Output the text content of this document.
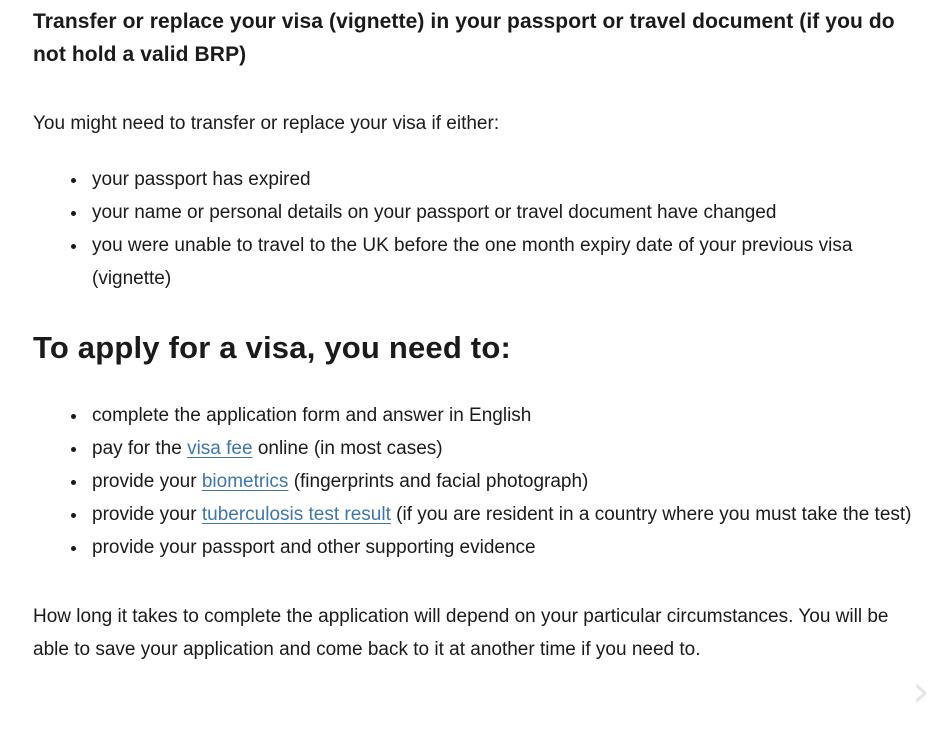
Transfer or replace your visa (vignette) in your passport or travel document (if you do not hold a valid BRP)

You might need to transfer or replace your visa if either:

• your passport has expired
• your name or personal details on your passport or travel document have changed
• you were unable to travel to the UK before the one month expiry date of your previous visa (vignette)
To apply for a visa, you need to:
• complete the application form and answer in English
• pay for the visa fee online (in most cases)
• provide your biometrics (fingerprints and facial photograph)
• provide your tuberculosis test result (if you are resident in a country where you must take the test)
• provide your passport and other supporting evidence

How long it takes to complete the application will depend on your particular circumstances. You will be able to save your application and come back to it at another time if you need to.

›
